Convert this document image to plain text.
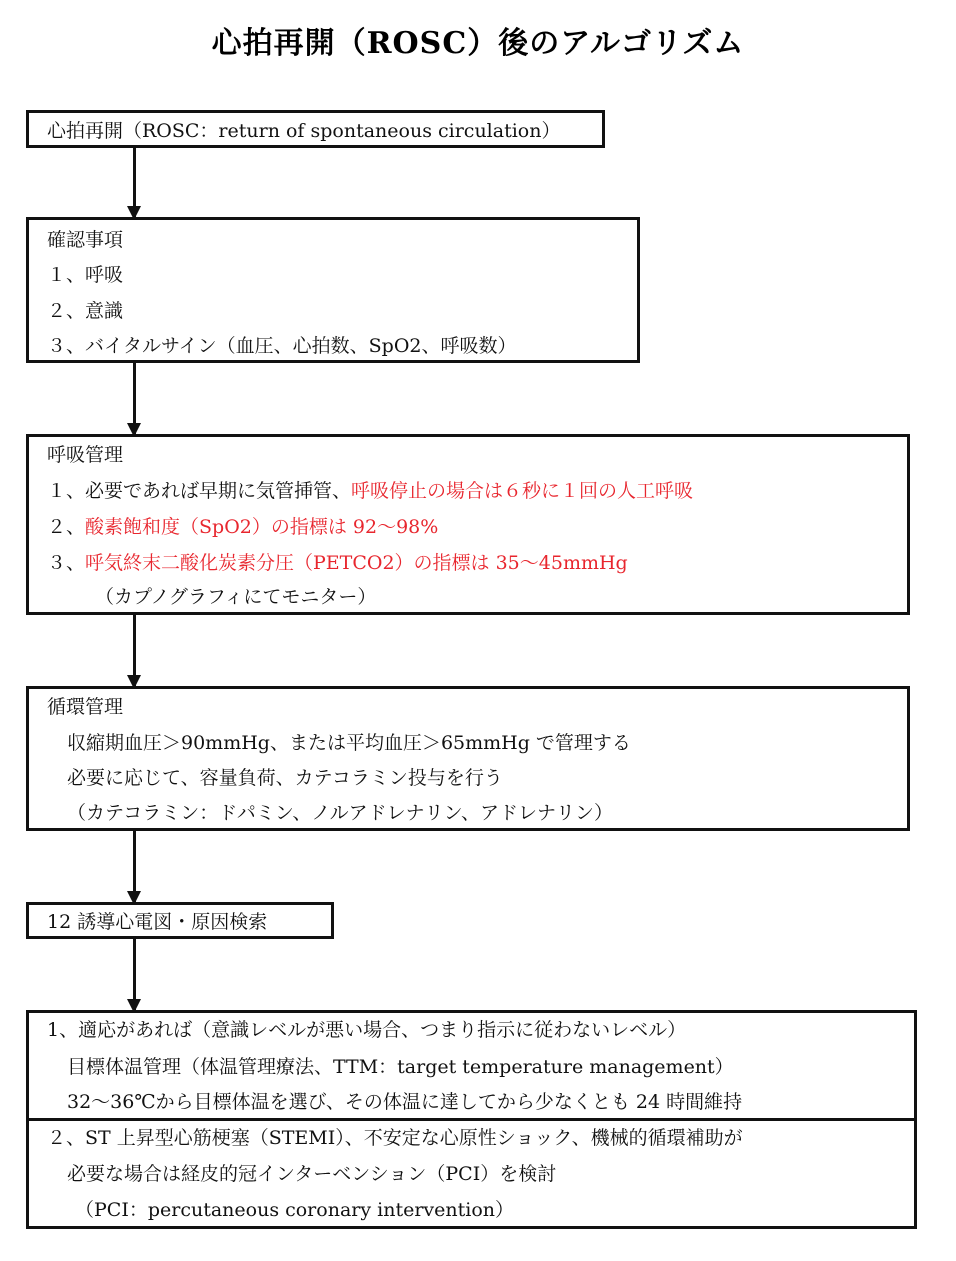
心拍再開（ROSC）後のアルゴリズム
心拍再開（ROSC：return of spontaneous circulation）
確認事項
１、呼吸
２、意識
３、バイタルサイン（血圧、心拍数、SpO2、呼吸数）
呼吸管理
１、必要であれば早期に気管挿管、呼吸停止の場合は６秒に１回の人工呼吸
２、酸素飽和度（SpO2）の指標は 92〜98%
３、呼気終末二酸化炭素分圧（PETCO2）の指標は 35〜45mmHg
（カプノグラフィにてモニター）
循環管理
収縮期血圧＞90mmHg、または平均血圧＞65mmHg で管理する
必要に応じて、容量負荷、カテコラミン投与を行う
（カテコラミン：ドパミン、ノルアドレナリン、アドレナリン）
12 誘導心電図・原因検索
1、適応があれば（意識レベルが悪い場合、つまり指示に従わないレベル）
目標体温管理（体温管理療法、TTM：target temperature management）
32〜36℃から目標体温を選び、その体温に達してから少なくとも 24 時間維持
２、ST 上昇型心筋梗塞（STEMI）、不安定な心原性ショック、機械的循環補助が
必要な場合は経皮的冠インターベンション（PCI）を検討
（PCI：percutaneous coronary intervention）
